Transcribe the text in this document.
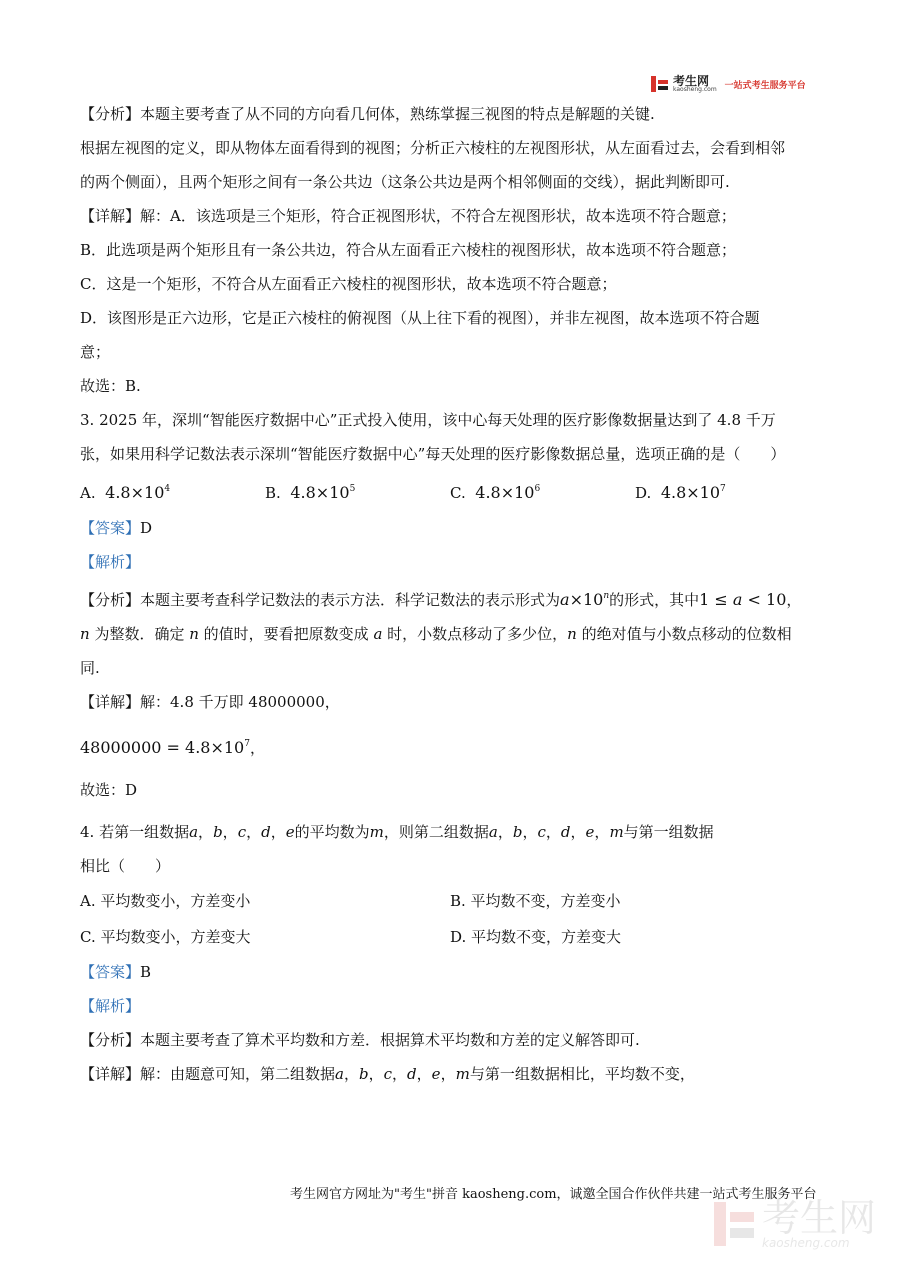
考生网
kaosheng.com 一站式考生服务平台

【分析】本题主要考查了从不同的方向看几何体，熟练掌握三视图的特点是解题的关键.

根据左视图的定义，即从物体左面看得到的视图；分析正六棱柱的左视图形状，从左面看过去，会看到相邻

的两个侧面），且两个矩形之间有一条公共边（这条公共边是两个相邻侧面的交线），据此判断即可.

【详解】解：A．该选项是三个矩形，符合正视图形状，不符合左视图形状，故本选项不符合题意；

B．此选项是两个矩形且有一条公共边，符合从左面看正六棱柱的视图形状，故本选项不符合题意；

C．这是一个矩形，不符合从左面看正六棱柱的视图形状，故本选项不符合题意；

D．该图形是正六边形，它是正六棱柱的俯视图（从上往下看的视图），并非左视图，故本选项不符合题

意；

故选：B.

3. 2025 年，深圳“智能医疗数据中心”正式投入使用，该中心每天处理的医疗影像数据量达到了 4.8 千万

张，如果用科学记数法表示深圳“智能医疗数据中心”每天处理的医疗影像数据总量，选项正确的是（　　）

A. $4.8\times 10^4$	B. $4.8\times 10^5$	C. $4.8\times 10^6$	D. $4.8\times 10^7$

【答案】D

【解析】

【分析】本题主要考查科学记数法的表示方法．科学记数法的表示形式为$a\times 10^n$的形式，其中1 ≤ a < 10，

n 为整数．确定 n 的值时，要看把原数变成 a 时，小数点移动了多少位，n 的绝对值与小数点移动的位数相

同.

【详解】解：4.8 千万即 48000000，

$48000000 = 4.8\times 10^7$，

故选：D

4. 若第一组数据a，b，c，d，e的平均数为m，则第二组数据a，b，c，d，e，m与第一组数据

相比（　　）

A. 平均数变小，方差变小	B. 平均数不变，方差变小
C. 平均数变小，方差变大	D. 平均数不变，方差变大

【答案】B

【解析】

【分析】本题主要考查了算术平均数和方差．根据算术平均数和方差的定义解答即可.

【详解】解：由题意可知，第二组数据a，b，c，d，e，m与第一组数据相比，平均数不变，

考生网官方网址为"考生"拼音 kaosheng.com，诚邀全国合作伙伴共建一站式考生服务平台
考生网
kaosheng.com
